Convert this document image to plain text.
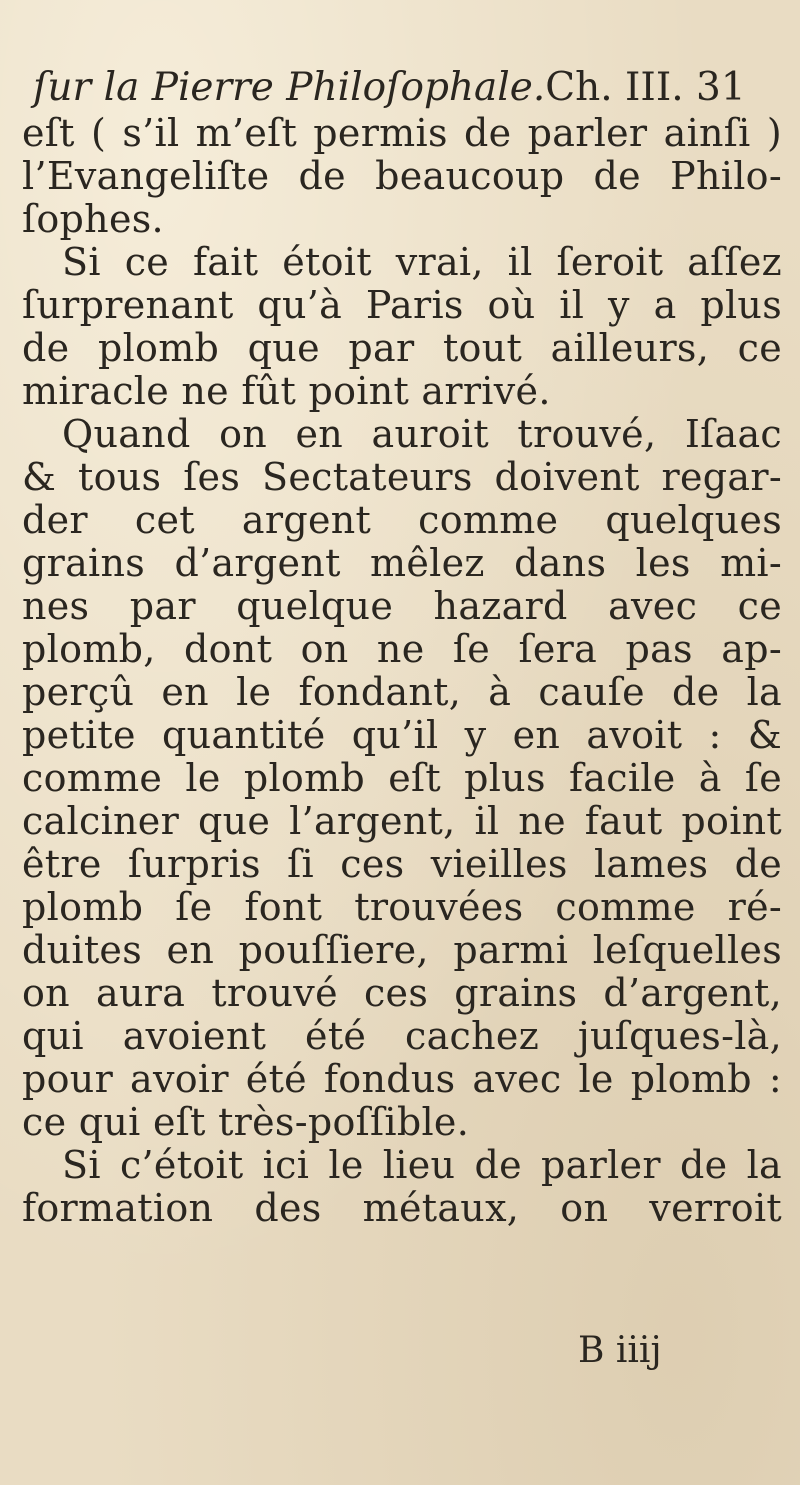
ſur la Pierre Philoſophale.Ch. III. 31
eſt ( s’il m’eſt permis de parler ainſi )
l’Evangeliſte de beaucoup de Philo-
ſophes.
Si ce fait étoit vrai, il ſeroit aſſez
ſurprenant qu’à Paris où il y a plus
de plomb que par tout ailleurs, ce
miracle ne fût point arrivé.
Quand on en auroit trouvé, Iſaac
& tous ſes Sectateurs doivent regar-
der cet argent comme quelques
grains d’argent mêlez dans les mi-
nes par quelque hazard avec ce
plomb, dont on ne ſe ſera pas ap-
perçû en le fondant, à cauſe de la
petite quantité qu’il y en avoit : &
comme le plomb eſt plus facile à ſe
calciner que l’argent, il ne faut point
être ſurpris ſi ces vieilles lames de
plomb ſe font trouvées comme ré-
duites en pouſſiere, parmi leſquelles
on aura trouvé ces grains d’argent,
qui avoient été cachez juſques-là,
pour avoir été fondus avec le plomb :
ce qui eſt très-poſſible.
Si c’étoit ici le lieu de parler de la
formation des métaux, on verroit
B iiij
